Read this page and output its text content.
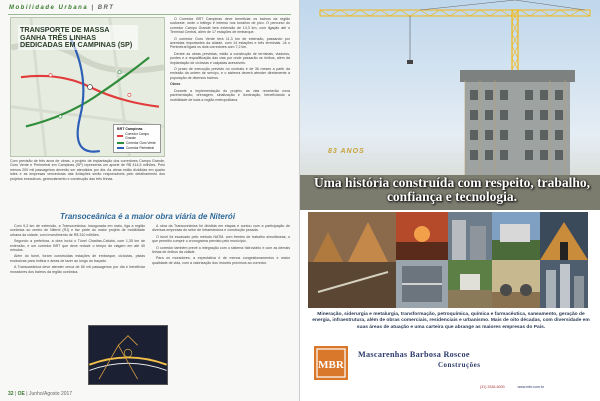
Mobilidade Urbana | BRT
BRT Campinas
Corredor Campo Grande
Corredor Ouro Verde
Corredor Perimetral
TRANSPORTE DE MASSA GANHA TRÊS LINHAS DEDICADAS EM CAMPINAS (SP)
Com previsão de três anos de obras, o projeto de implantação dos corredores Campo Grande, Ouro Verde e Perimetral em Campinas (SP) representa um aporte de R$ 414,5 milhões. Pelo menos 200 mil passageiros deverão ser atendidos por dia. As obras estão divididas em quatro lotes e as empresas vencedoras das licitações serão responsáveis pelo detalhamento dos projetos executivos, gerenciamento e construção das três linhas.

O Corredor BRT Campinas deve beneficiar os bairros da região sudoeste, onde o tráfego é intenso nos horários de pico. O percurso do corredor Campo Grande terá extensão de 14,3 km, com ligação até o Terminal Central, além de 17 estações de embarque.

O corredor Ouro Verde terá 11,3 km de extensão, passando por avenidas importantes da cidade, com 14 estações e três terminais. Já o Perimetral ligará os dois corredores com 7,2 km.

Dentre as obras previstas, estão a construção de terminais, viadutos, pontes e a requalificação das vias por onde passarão os ônibus, além da implantação de ciclovias e calçadas acessíveis.

O prazo de execução previsto no contrato é de 36 meses a partir da emissão da ordem de serviço, e o sistema deverá atender diretamente a população de diversos bairros.

Obras

Durante a implementação do projeto, as vias receberão nova pavimentação, drenagem, sinalização e iluminação, beneficiando a mobilidade de toda a região metropolitana.

Transoceânica é a maior obra viária de Niterói

Com 9,3 km de extensão, a Transoceânica, inaugurada em maio, liga a região oceânica ao centro de Niterói (RJ) e faz parte do maior projeto de mobilidade urbana da cidade, com investimento de R$ 310 milhões.

Segundo a prefeitura, a obra inclui o Túnel Charitas-Cafubá, com 1,35 km de extensão, e um corredor BRT que deve reduzir o tempo de viagem em até 40 minutos.

Além do túnel, foram construídas estações de embarque, ciclovias, pistas exclusivas para ônibus e áreas de lazer ao longo do traçado.

A Transoceânica deve atender cerca de 80 mil passageiros por dia e beneficiar moradores dos bairros da região oceânica.

A obra da Transoceânica foi dividida em etapas e contou com a participação de diversas empresas do setor de infraestrutura e construção pesada.

O túnel foi escavado pelo método NATM, com frentes de trabalho simultâneas, o que permitiu cumprir o cronograma previsto pelo município.

O corredor também prevê a integração com o sistema hidroviário e com as demais linhas de ônibus da cidade.

Para os moradores, a expectativa é de menos congestionamentos e maior qualidade de vida, com a valorização dos imóveis próximos ao corredor.

32 | OE | Junho/Agosto 2017
83 ANOS
Uma história construída com respeito, trabalho, confiança e tecnologia.
Mineração, siderurgia e metalurgia, transformação, petroquímica, química e farmacêutica, saneamento, geração de energia, infraestrutura, além de obras comerciais, residenciais e urbanismo. Mais de oito décadas, com diversidade em suas áreas de atuação e uma carteira que abrange as maiores empresas do País.
MBR
Mascarenhas Barbosa Roscoe
Construções
(31) 3336-6000	www.mbr.com.br
